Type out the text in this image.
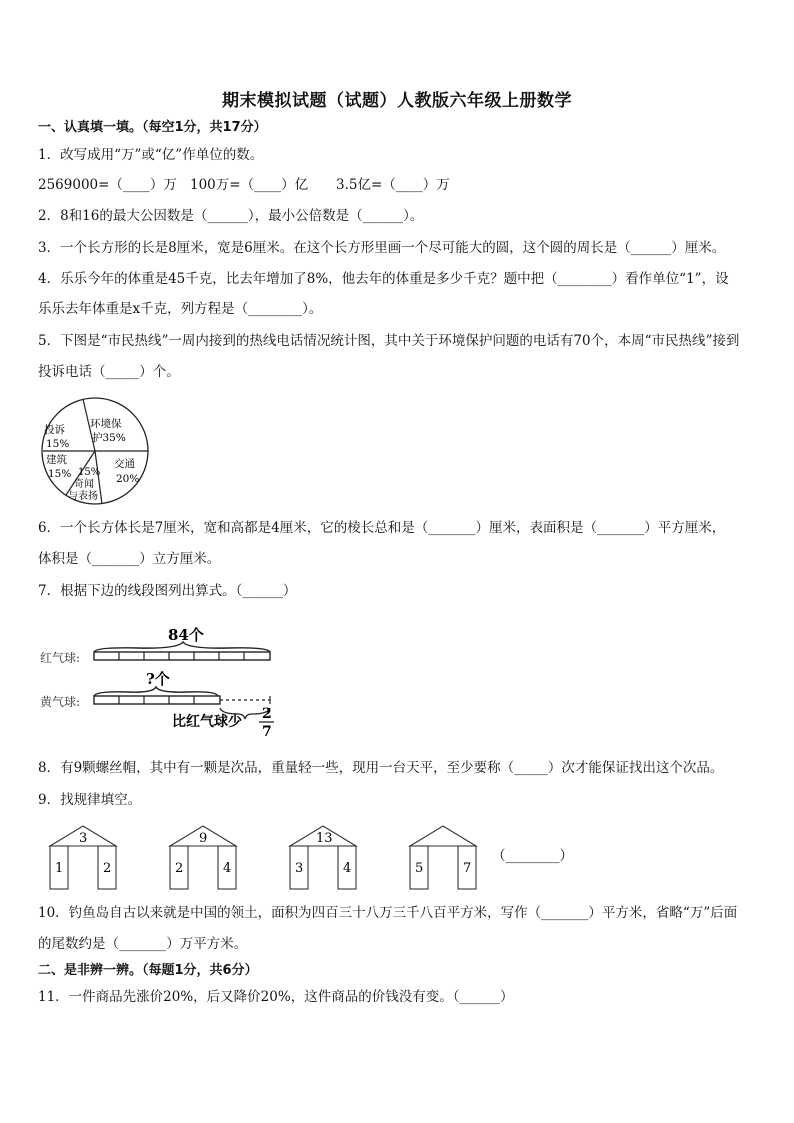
期末模拟试题（试题）人教版六年级上册数学
一、认真填一填。（每空1分，共17分）
1．改写成用“万”或“亿”作单位的数。
2569000=（____）万 100万=（____）亿 3.5亿=（____）万
2．8和16的最大公因数是（______），最小公倍数是（______）。
3．一个长方形的长是8厘米，宽是6厘米。在这个长方形里画一个尽可能大的圆，这个圆的周长是（______）厘米。
4．乐乐今年的体重是45千克，比去年增加了8%，他去年的体重是多少千克？题中把（________）看作单位“1”，设
乐乐去年体重是x千克，列方程是（________）。
5．下图是“市民热线”一周内接到的热线电话情况统计图，其中关于环境保护问题的电话有70个，本周“市民热线”接到
投诉电话（_____）个。
投诉
15%
环境保
护35%
建筑
15%
交通
20%
15%
奇闻
与表扬
6．一个长方体长是7厘米，宽和高都是4厘米，它的棱长总和是（_______）厘米，表面积是（_______）平方厘米，
体积是（_______）立方厘米。
7．根据下边的线段图列出算式。（______）
红气球:
黄气球:
84个
?个
比红气球少 2
7
8．有9颗螺丝帽，其中有一颗是次品，重量轻一些，现用一台天平，至少要称（_____）次才能保证找出这个次品。
9．找规律填空。
3
1	2
9
2	4
13
3	4	5	7
（________）
10．钓鱼岛自古以来就是中国的领土，面积为四百三十八万三千八百平方米，写作（_______）平方米，省略“万”后面
的尾数约是（_______）万平方米。
二、是非辨一辨。（每题1分，共6分）
11．一件商品先涨价20%，后又降价20%，这件商品的价钱没有变。（______）
